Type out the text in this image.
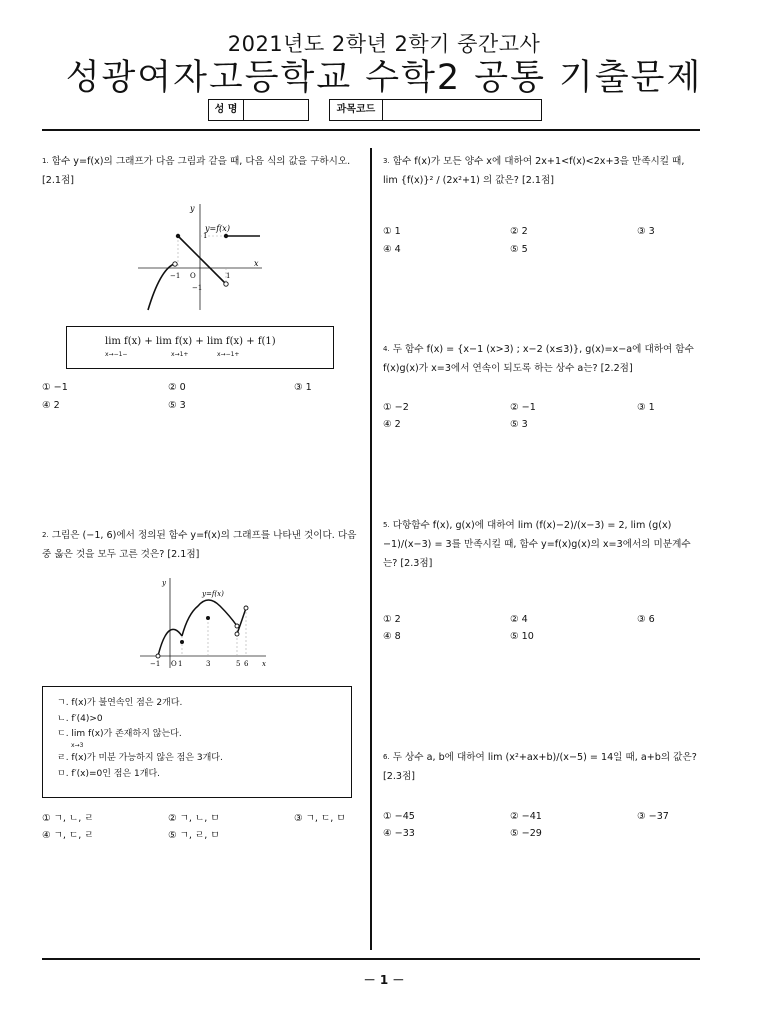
2021년도 2학년 2학기 중간고사
성광여자고등학교 수학2 공통 기출문제
성 명	과목코드
$^{1.}$ 함수 y=f(x)의 그래프가 다음 그림과 같을 때, 다음 식의 값을 구하시오. [2.1점]
x
y
y=f(x)
1
O
−1	1
−1
lim f(x) + lim f(x) + lim f(x) + f(1)
x→−1−	x→1+	x→−1+
① −1	② 0	③ 1
④ 2	⑤ 3
$^{2.}$ 그림은 (−1, 6)에서 정의된 함수 y=f(x)의 그래프를 나타낸 것이다. 다음 중 옳은 것을 모두 고른 것은? [2.1점]
x
y
y=f(x)
−1 O 1	3	5 6
ㄱ. f(x)가 불연속인 점은 2개다.
ㄴ. f′(4)>0
ㄷ. lim f(x)가 존재하지 않는다.
x→3
ㄹ. f(x)가 미분 가능하지 않은 점은 3개다.
ㅁ. f′(x)=0인 점은 1개다.
① ㄱ, ㄴ, ㄹ	② ㄱ, ㄴ, ㅁ	③ ㄱ, ㄷ, ㅁ
④ ㄱ, ㄷ, ㄹ	⑤ ㄱ, ㄹ, ㅁ
$^{3.}$ 함수 f(x)가 모든 양수 x에 대하여 2x+1<f(x)<2x+3을 만족시킬 때, lim {f(x)}² / (2x²+1) 의 값은? [2.1점]
① 1	② 2	③ 3
④ 4	⑤ 5
$^{4.}$ 두 함수 f(x) = {x−1 (x>3) ; x−2 (x≤3)}, g(x)=x−a에 대하여 함수 f(x)g(x)가 x=3에서 연속이 되도록 하는 상수 a는? [2.2점]
① −2	② −1	③ 1
④ 2	⑤ 3
$^{5.}$ 다항함수 f(x), g(x)에 대하여 lim (f(x)−2)/(x−3) = 2, lim (g(x)−1)/(x−3) = 3를 만족시킬 때, 함수 y=f(x)g(x)의 x=3에서의 미분계수는? [2.3점]
① 2	② 4	③ 6
④ 8	⑤ 10
$^{6.}$ 두 상수 a, b에 대하여 lim (x²+ax+b)/(x−5) = 14일 때, a+b의 값은? [2.3점]
① −45	② −41	③ −37
④ −33	⑤ −29
－ 1 －
